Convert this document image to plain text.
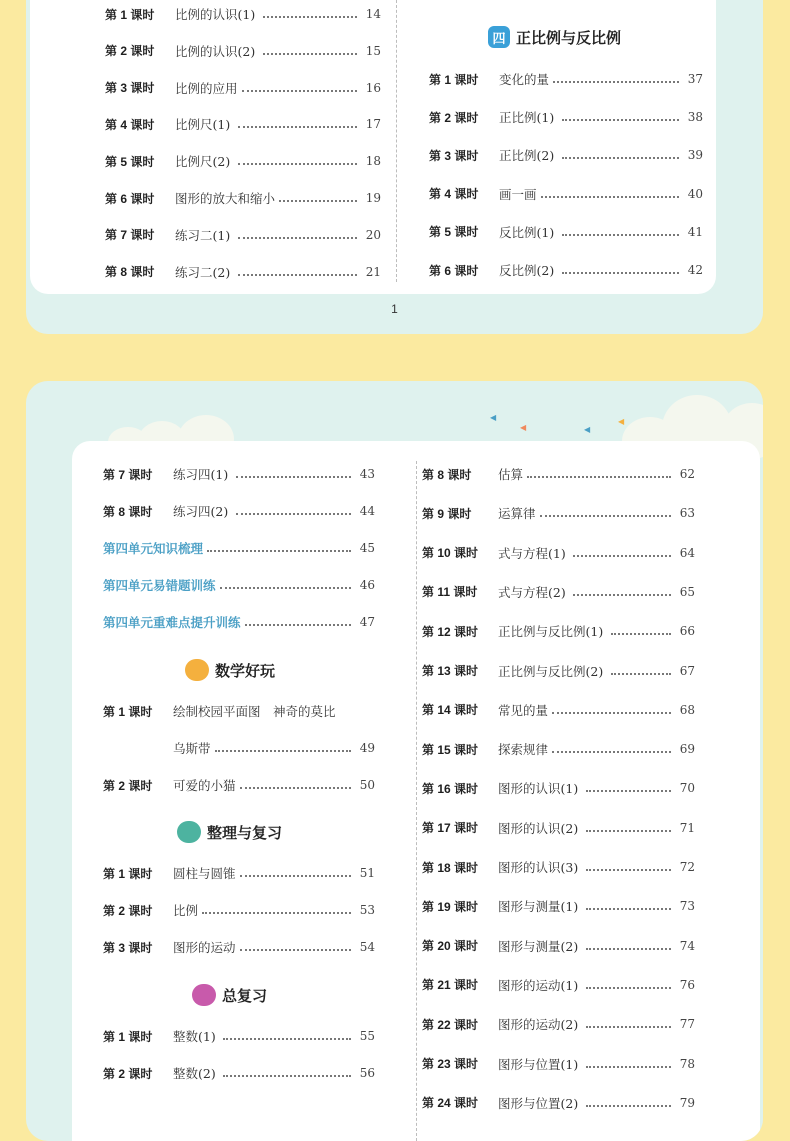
第 1 课时 比例的认识(1)	14
第 2 课时 比例的认识(2)	15
第 3 课时 比例的应用	16
第 4 课时 比例尺(1)	17
第 5 课时 比例尺(2)	18
第 6 课时 图形的放大和缩小	19
第 7 课时 练习二(1)	20
第 8 课时 练习二(2)	21
四 正比例与反比例
第 1 课时 变化的量	37
第 2 课时 正比例(1)	38
第 3 课时 正比例(2)	39
第 4 课时 画一画	40
第 5 课时 反比例(1)	41
第 6 课时 反比例(2)	42
1
◀
◀	◀
◀
第 7 课时 练习四(1)	43
第 8 课时 练习四(2)	44
第四单元知识梳理	45
第四单元易错题训练	46
第四单元重难点提升训练	47
数学好玩
第 1 课时 绘制校园平面图　神奇的莫比
乌斯带	49
第 2 课时 可爱的小猫	50
整理与复习
第 1 课时 圆柱与圆锥	51
第 2 课时 比例	53
第 3 课时 图形的运动	54
总复习
第 1 课时 整数(1)	55
第 2 课时 整数(2)	56
第 8 课时 估算	62
第 9 课时 运算律	63
第 10 课时 式与方程(1)	64
第 11 课时 式与方程(2)	65
第 12 课时 正比例与反比例(1)	66
第 13 课时 正比例与反比例(2)	67
第 14 课时 常见的量	68
第 15 课时 探索规律	69
第 16 课时 图形的认识(1)	70
第 17 课时 图形的认识(2)	71
第 18 课时 图形的认识(3)	72
第 19 课时 图形与测量(1)	73
第 20 课时 图形与测量(2)	74
第 21 课时 图形的运动(1)	76
第 22 课时 图形的运动(2)	77
第 23 课时 图形与位置(1)	78
第 24 课时 图形与位置(2)	79
